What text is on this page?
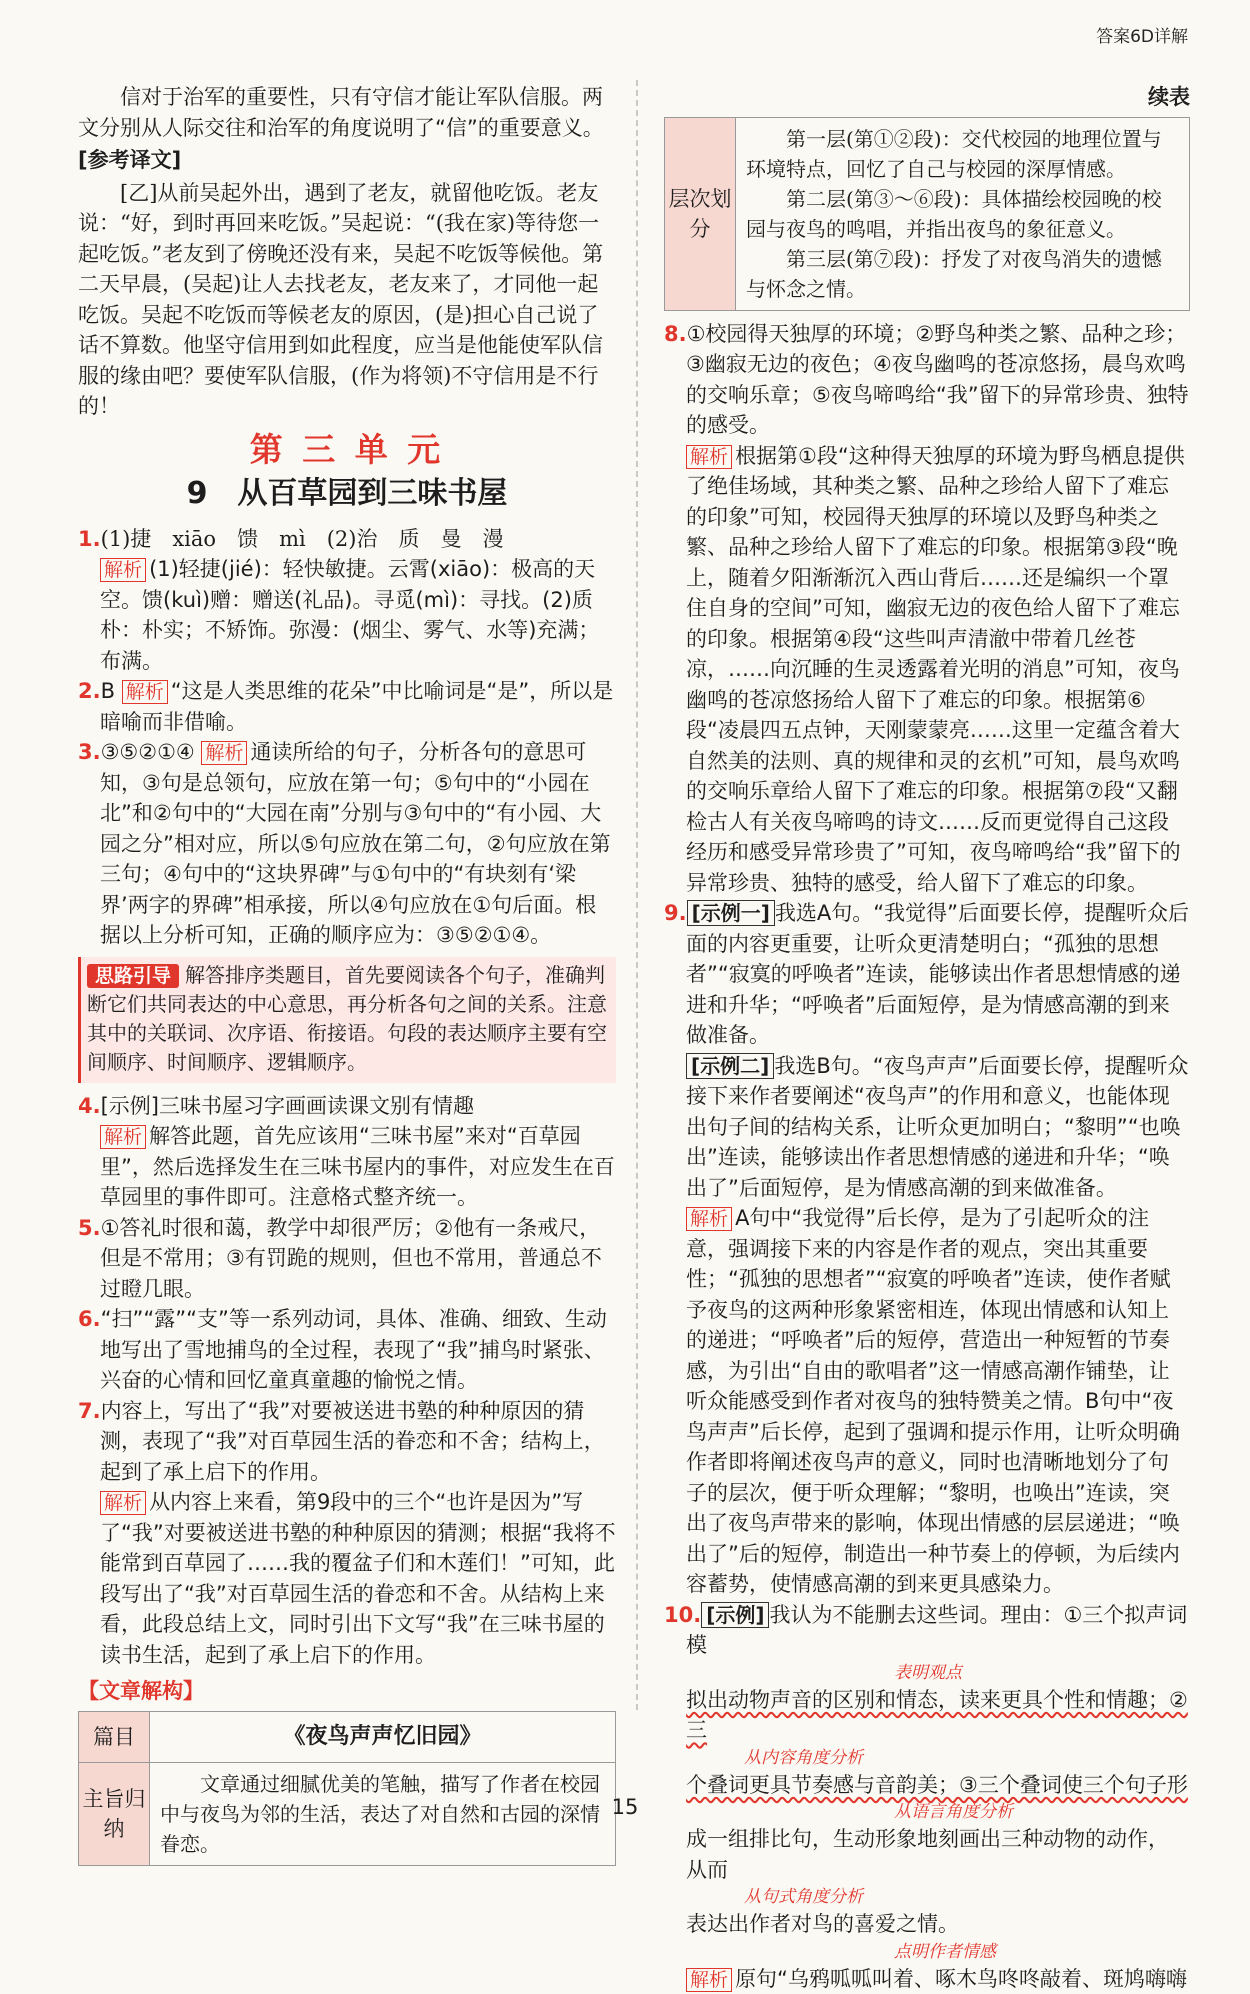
答案6D详解

信对于治军的重要性，只有守信才能让军队信服。两文分别从人际交往和治军的角度说明了“信”的重要意义。

[参考译文]

[乙]从前吴起外出，遇到了老友，就留他吃饭。老友说：“好，到时再回来吃饭。”吴起说：“(我在家)等待您一起吃饭。”老友到了傍晚还没有来，吴起不吃饭等候他。第二天早晨，(吴起)让人去找老友，老友来了，才同他一起吃饭。吴起不吃饭而等候老友的原因，(是)担心自己说了话不算数。他坚守信用到如此程度，应当是他能使军队信服的缘由吧？要使军队信服，(作为将领)不守信用是不行的！

第 三 单 元
9　从百草园到三味书屋
1.(1)捷　xiāo　馈　mì　(2)治　质　曼　漫
解析 (1)轻捷(jié)：轻快敏捷。云霄(xiāo)：极高的天空。馈(kuì)赠：赠送(礼品)。寻觅(mì)：寻找。(2)质朴：朴实；不矫饰。弥漫：(烟尘、雾气、水等)充满；布满。
2.B 解析 “这是人类思维的花朵”中比喻词是“是”，所以是暗喻而非借喻。
3.③⑤②①④ 解析 通读所给的句子，分析各句的意思可知，③句是总领句，应放在第一句；⑤句中的“小园在北”和②句中的“大园在南”分别与③句中的“有小园、大园之分”相对应，所以⑤句应放在第二句，②句应放在第三句；④句中的“这块界碑”与①句中的“有块刻有‘梁界’两字的界碑”相承接，所以④句应放在①句后面。根据以上分析可知，正确的顺序应为：③⑤②①④。
思路引导 解答排序类题目，首先要阅读各个句子，准确判断它们共同表达的中心意思，再分析各句之间的关系。注意其中的关联词、次序语、衔接语。句段的表达顺序主要有空间顺序、时间顺序、逻辑顺序。
4.[示例]三味书屋习字画画读课文别有情趣
解析 解答此题，首先应该用“三味书屋”来对“百草园里”，然后选择发生在三味书屋内的事件，对应发生在百草园里的事件即可。注意格式整齐统一。
5.①答礼时很和蔼，教学中却很严厉；②他有一条戒尺，但是不常用；③有罚跪的规则，但也不常用，普通总不过瞪几眼。
6.“扫”“露”“支”等一系列动词，具体、准确、细致、生动地写出了雪地捕鸟的全过程，表现了“我”捕鸟时紧张、兴奋的心情和回忆童真童趣的愉悦之情。
7.内容上，写出了“我”对要被送进书塾的种种原因的猜测，表现了“我”对百草园生活的眷恋和不舍；结构上，起到了承上启下的作用。
解析 从内容上来看，第9段中的三个“也许是因为”写了“我”对要被送进书塾的种种原因的猜测；根据“我将不能常到百草园了……我的覆盆子们和木莲们！”可知，此段写出了“我”对百草园生活的眷恋和不舍。从结构上来看，此段总结上文，同时引出下文写“我”在三味书屋的读书生活，起到了承上启下的作用。
【文章解构】
篇目	《夜鸟声声忆旧园》
主旨归纳	文章通过细腻优美的笔触，描写了作者在校园中与夜鸟为邻的生活，表达了对自然和古园的深情眷恋。
续表
层次划分	

第一层(第①②段)：交代校园的地理位置与环境特点，回忆了自己与校园的深厚情感。

第二层(第③～⑥段)：具体描绘校园晚的校园与夜鸟的鸣唱，并指出夜鸟的象征意义。

第三层(第⑦段)：抒发了对夜鸟消失的遗憾与怀念之情。

8.①校园得天独厚的环境；②野鸟种类之繁、品种之珍；③幽寂无边的夜色；④夜鸟幽鸣的苍凉悠扬，晨鸟欢鸣的交响乐章；⑤夜鸟啼鸣给“我”留下的异常珍贵、独特的感受。
解析 根据第①段“这种得天独厚的环境为野鸟栖息提供了绝佳场域，其种类之繁、品种之珍给人留下了难忘的印象”可知，校园得天独厚的环境以及野鸟种类之繁、品种之珍给人留下了难忘的印象。根据第③段“晚上，随着夕阳渐渐沉入西山背后……还是编织一个罩住自身的空间”可知，幽寂无边的夜色给人留下了难忘的印象。根据第④段“这些叫声清澈中带着几丝苍凉，……向沉睡的生灵透露着光明的消息”可知，夜鸟幽鸣的苍凉悠扬给人留下了难忘的印象。根据第⑥段“凌晨四五点钟，天刚蒙蒙亮……这里一定蕴含着大自然美的法则、真的规律和灵的玄机”可知，晨鸟欢鸣的交响乐章给人留下了难忘的印象。根据第⑦段“又翻检古人有关夜鸟啼鸣的诗文……反而更觉得自己这段经历和感受异常珍贵了”可知，夜鸟啼鸣给“我”留下的异常珍贵、独特的感受，给人留下了难忘的印象。
9. [示例一] 我选A句。“我觉得”后面要长停，提醒听众后面的内容更重要，让听众更清楚明白；“孤独的思想者”“寂寞的呼唤者”连读，能够读出作者思想情感的递进和升华；“呼唤者”后面短停，是为情感高潮的到来做准备。
[示例二] 我选B句。“夜鸟声声”后面要长停，提醒听众接下来作者要阐述“夜鸟声”的作用和意义，也能体现出句子间的结构关系，让听众更加明白；“黎明”“也唤出”连读，能够读出作者思想情感的递进和升华；“唤出了”后面短停，是为情感高潮的到来做准备。
解析 A句中“我觉得”后长停，是为了引起听众的注意，强调接下来的内容是作者的观点，突出其重要性；“孤独的思想者”“寂寞的呼唤者”连读，使作者赋予夜鸟的这两种形象紧密相连，体现出情感和认知上的递进；“呼唤者”后的短停，营造出一种短暂的节奏感，为引出“自由的歌唱者”这一情感高潮作铺垫，让听众能感受到作者对夜鸟的独特赞美之情。B句中“夜鸟声声”后长停，起到了强调和提示作用，让听众明确作者即将阐述夜鸟声的意义，同时也清晰地划分了句子的层次，便于听众理解；“黎明，也唤出”连读，突出了夜鸟声带来的影响，体现出情感的层层递进；“唤出了”后的短停，制造出一种节奏上的停顿，为后续内容蓄势，使情感高潮的到来更具感染力。
10. [示例] 我认为不能删去这些词。理由：①三个拟声词模
表明观点
拟出动物声音的区别和情态，读来更具个性和情趣；②三
从内容角度分析
个叠词更具节奏感与音韵美；③三个叠词使三个句子形
从语言角度分析
成一组排比句，生动形象地刻画出三种动物的动作，从而
从句式角度分析
表达出作者对鸟的喜爱之情。
点明作者情感
解析 原句“乌鸦呱呱叫着、啄木鸟咚咚敲着、斑鸠嗨嗨
15
